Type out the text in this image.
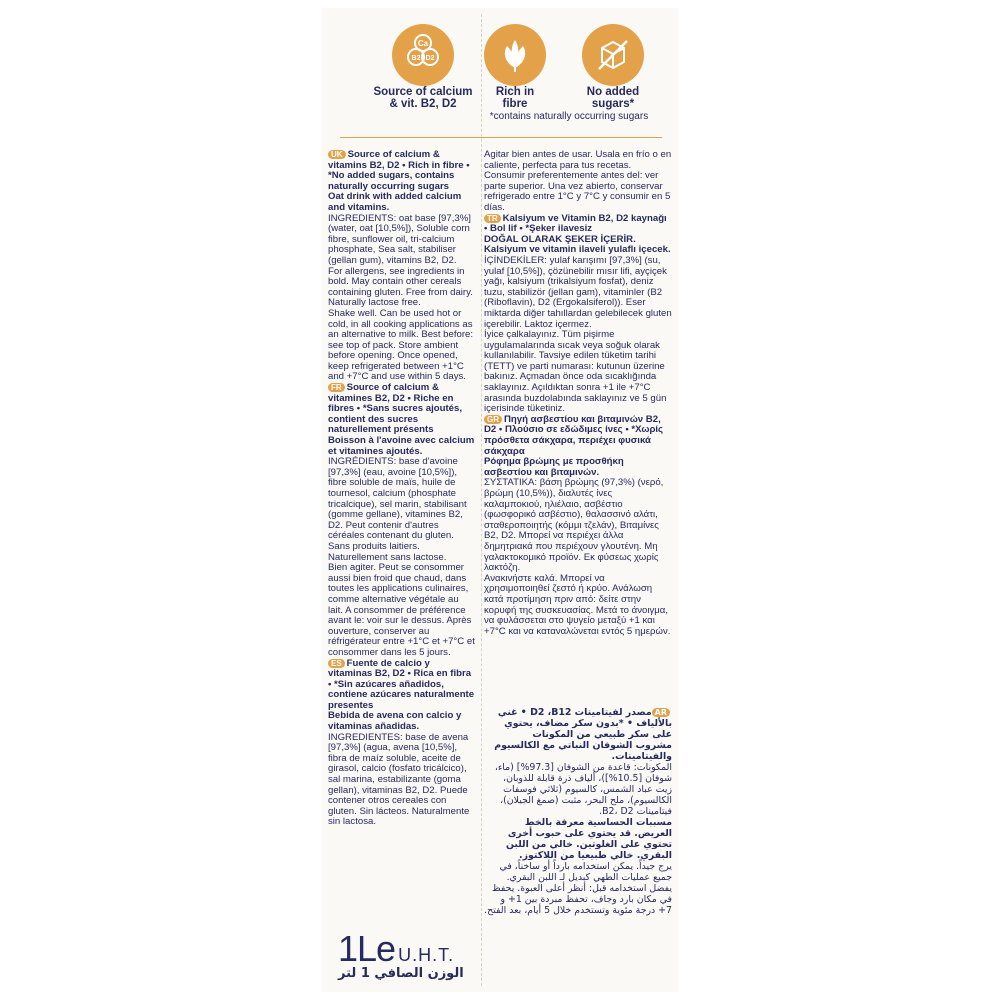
Ca
B2 D2
Source of calcium & vit. B2, D2
Rich in fibre
No added sugars*
*contains naturally occurring sugars

UK Source of calcium & vitamins B2, D2 • Rich in fibre • *No added sugars, contains naturally occurring sugars

Oat drink with added calcium and vitamins.

INGREDIENTS: oat base [97,3%] (water, oat [10,5%]), Soluble corn fibre, sunflower oil, tri-calcium phosphate, Sea salt, stabiliser (gellan gum), vitamins B2, D2.

For allergens, see ingredients in bold. May contain other cereals containing gluten. Free from dairy. Naturally lactose free.

Shake well. Can be used hot or cold, in all cooking applications as an alternative to milk. Best before: see top of pack. Store ambient before opening. Once opened, keep refrigerated between +1°C and +7°C and use within 5 days.

FR Source of calcium & vitamines B2, D2 • Riche en fibres • *Sans sucres ajoutés, contient des sucres naturellement présents

Boisson à l'avoine avec calcium et vitamines ajoutés.

INGRÉDIENTS: base d'avoine [97,3%] (eau, avoine [10,5%]), fibre soluble de maïs, huile de tournesol, calcium (phosphate tricalcique), sel marin, stabilisant (gomme gellane), vitamines B2, D2. Peut contenir d'autres céréales contenant du gluten. Sans produits laitiers. Naturellement sans lactose.

Bien agiter. Peut se consommer aussi bien froid que chaud, dans toutes les applications culinaires, comme alternative végétale au lait. A consommer de préférence avant le: voir sur le dessus. Après ouverture, conserver au réfrigérateur entre +1°C et +7°C et consommer dans les 5 jours.

ES Fuente de calcio y vitaminas B2, D2 • Rica en fibra • *Sin azúcares añadidos, contiene azúcares naturalmente presentes

Bebida de avena con calcio y vitaminas añadidas.

INGREDIENTES: base de avena [97,3%] (agua, avena [10,5%], fibra de maíz soluble, aceite de girasol, calcio (fosfato tricálcico), sal marina, estabilizante (goma gellan), vitaminas B2, D2. Puede contener otros cereales con gluten. Sin lácteos. Naturalmente sin lactosa.

Agitar bien antes de usar. Úsala en frío o en caliente, perfecta para tus recetas. Consumir preferentemente antes del: ver parte superior. Una vez abierto, conservar refrigerado entre 1°C y 7°C y consumir en 5 días.

TR Kalsiyum ve Vitamin B2, D2 kaynağı • Bol lif • *Şeker ilavesiz

DOĞAL OLARAK ŞEKER İÇERİR. Kalsiyum ve vitamin ilaveli yulaflı içecek.

İÇİNDEKİLER: yulaf karışımı [97,3%] (su, yulaf [10,5%]), çözünebilir mısır lifi, ayçiçek yağı, kalsiyum (trikalsiyum fosfat), deniz tuzu, stabilizör (jellan gam), vitaminler (B2 (Riboflavin), D2 (Ergokalsiferol)). Eser miktarda diğer tahıllardan gelebilecek gluten içerebilir. Laktoz içermez.

İyice çalkalayınız. Tüm pişirme uygulamalarında sıcak veya soğuk olarak kullanılabilir. Tavsiye edilen tüketim tarihi (TETT) ve parti numarası: kutunun üzerine bakınız. Açmadan önce oda sıcaklığında saklayınız. Açıldıktan sonra +1 ile +7°C arasında buzdolabında saklayınız ve 5 gün içerisinde tüketiniz.

GR Πηγή ασβεστίου και βιταμινών B2, D2 • Πλούσιο σε εδώδιμες ίνες • *Χωρίς πρόσθετα σάκχαρα, περιέχει φυσικά σάκχαρα

Ρόφημα βρώμης με προσθήκη ασβεστίου και βιταμινών.

ΣΥΣΤΑΤΙΚΑ: βάση βρώμης (97,3%) (νερό, βρώμη (10,5%)), διαλυτές ίνες καλαμποκιού, ηλιέλαιο, ασβέστιο (φωσφορικό ασβέστιο), θαλασσινό αλάτι, σταθεροποιητής (κόμμι τζελάν), Βιταμίνες B2, D2. Μπορεί να περιέχει άλλα δημητριακά που περιέχουν γλουτένη. Μη γαλακτοκομικό προϊόν. Εκ φύσεως χωρίς λακτόζη.

Ανακινήστε καλά. Μπορεί να χρησιμοποιηθεί ζεστό ή κρύο. Ανάλωση κατά προτίμηση πριν από: δείτε στην κορυφή της συσκευασίας. Μετά το άνοιγμα, να φυλάσσεται στο ψυγείο μεταξύ +1 και +7°C και να καταναλώνεται εντός 5 ημερών.

ARمصدر لفيتامينات D2 ،B12 • غني بالألياف • *بدون سكر مضاف، يحتوي على سكر طبيعي من المكونات

مشروب الشوفان النباتي مع الكالسيوم والفيتامينات.

المكونات: قاعدة من الشوفان [97.3%] (ماء، شوفان [10.5%])، ألياف ذرة قابلة للذوبان، زيت عباد الشمس، كالسيوم (ثلاثي فوسفات الكالسيوم)، ملح البحر، مثبت (صمغ الجيلان)، فيتامينات B2، D2.

مسببات الحساسية معرفة بالخط العريض. قد يحتوي على حبوب أخرى تحتوي على الغلوتين. خالي من اللبن البقري. خالي طبيعيا من اللاكتوز.

يرج جيداً. يمكن استخدامه بارداً أو ساخناً، في جميع عمليات الطهي كبديل لـ اللبن البقري. يفضل استخدامه قبل: أنظر أعلى العبوة. يحفظ في مكان بارد وجاف، تحفظ مبردة بين 1+ و 7+ درجة مئوية وتستخدم خلال 5 أيام، بعد الفتح.

1Le U.H.T.
الوزن الصافي 1 لتر
